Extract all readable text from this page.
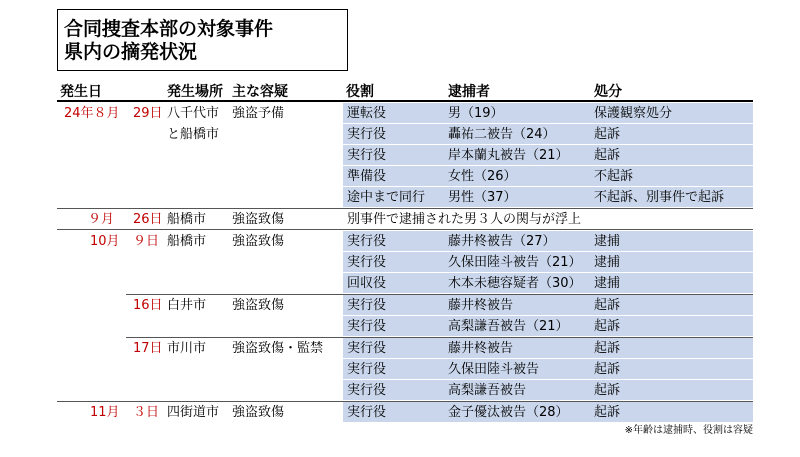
合同捜査本部の対象事件
県内の摘発状況
発生日	発生場所 主な容疑	役割	逮捕者	処分
24年８月 29日 八千代市 強盗予備	運転役	男（19）	保護観察処分
と船橋市	実行役	轟祐二被告（24）	起訴
実行役	岸本蘭丸被告（21） 起訴
準備役	女性（26）	不起訴
途中まで同行 男性（37）	不起訴、別事件で起訴
９月 26日 船橋市 強盗致傷	別事件で逮捕された男３人の関与が浮上
10月 ９日 船橋市 強盗致傷	実行役	藤井柊被告（27）	逮捕
実行役	久保田陸斗被告（21） 逮捕
回収役	木本未穂容疑者（30） 逮捕
16日 白井市 強盗致傷	実行役	藤井柊被告	起訴
実行役	高梨謙吾被告（21） 起訴
17日 市川市 強盗致傷・監禁 実行役	藤井柊被告	起訴
実行役	久保田陸斗被告	起訴
実行役	高梨謙吾被告	起訴
11月 ３日 四街道市 強盗致傷	実行役	金子優汰被告（28） 起訴
※年齢は逮捕時、役割は容疑
